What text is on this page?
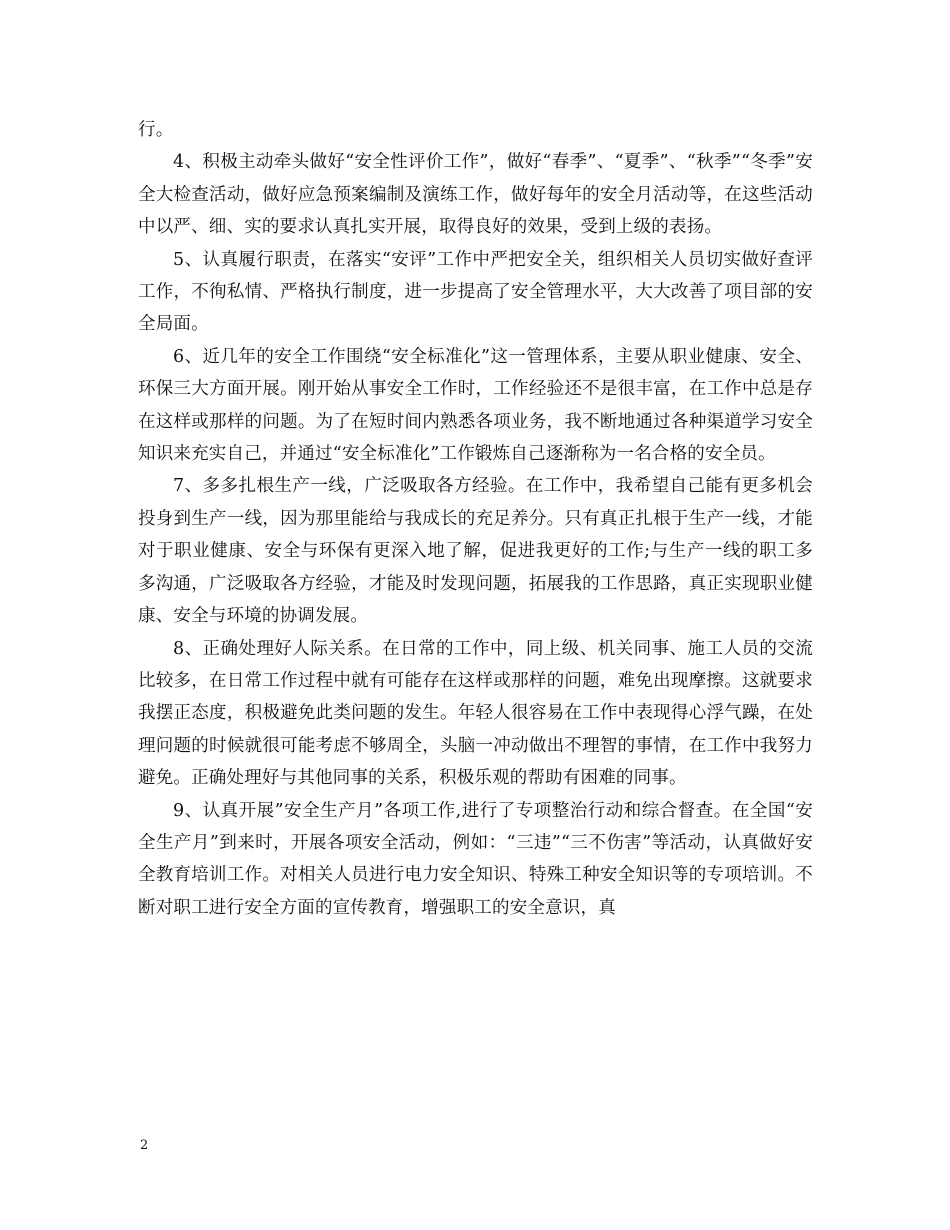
行。

4、积极主动牵头做好“安全性评价工作”，做好“春季”、“夏季”、“秋季”“冬季”安全大检查活动，做好应急预案编制及演练工作，做好每年的安全月活动等，在这些活动中以严、细、实的要求认真扎实开展，取得良好的效果，受到上级的表扬。

5、认真履行职责，在落实“安评”工作中严把安全关，组织相关人员切实做好查评工作，不徇私情、严格执行制度，进一步提高了安全管理水平，大大改善了项目部的安全局面。

6、近几年的安全工作围绕“安全标准化”这一管理体系，主要从职业健康、安全、环保三大方面开展。刚开始从事安全工作时，工作经验还不是很丰富，在工作中总是存在这样或那样的问题。为了在短时间内熟悉各项业务，我不断地通过各种渠道学习安全知识来充实自己，并通过“安全标准化”工作锻炼自己逐渐称为一名合格的安全员。

7、多多扎根生产一线，广泛吸取各方经验。在工作中，我希望自己能有更多机会投身到生产一线，因为那里能给与我成长的充足养分。只有真正扎根于生产一线，才能对于职业健康、安全与环保有更深入地了解，促进我更好的工作;与生产一线的职工多多沟通，广泛吸取各方经验，才能及时发现问题，拓展我的工作思路，真正实现职业健康、安全与环境的协调发展。

8、正确处理好人际关系。在日常的工作中，同上级、机关同事、施工人员的交流比较多，在日常工作过程中就有可能存在这样或那样的问题，难免出现摩擦。这就要求我摆正态度，积极避免此类问题的发生。年轻人很容易在工作中表现得心浮气躁，在处理问题的时候就很可能考虑不够周全，头脑一冲动做出不理智的事情，在工作中我努力避免。正确处理好与其他同事的关系，积极乐观的帮助有困难的同事。

9、认真开展”安全生产月”各项工作,进行了专项整治行动和综合督查。在全国“安全生产月”到来时，开展各项安全活动，例如：“三违”“三不伤害”等活动，认真做好安全教育培训工作。对相关人员进行电力安全知识、特殊工种安全知识等的专项培训。不断对职工进行安全方面的宣传教育，增强职工的安全意识，真

2
